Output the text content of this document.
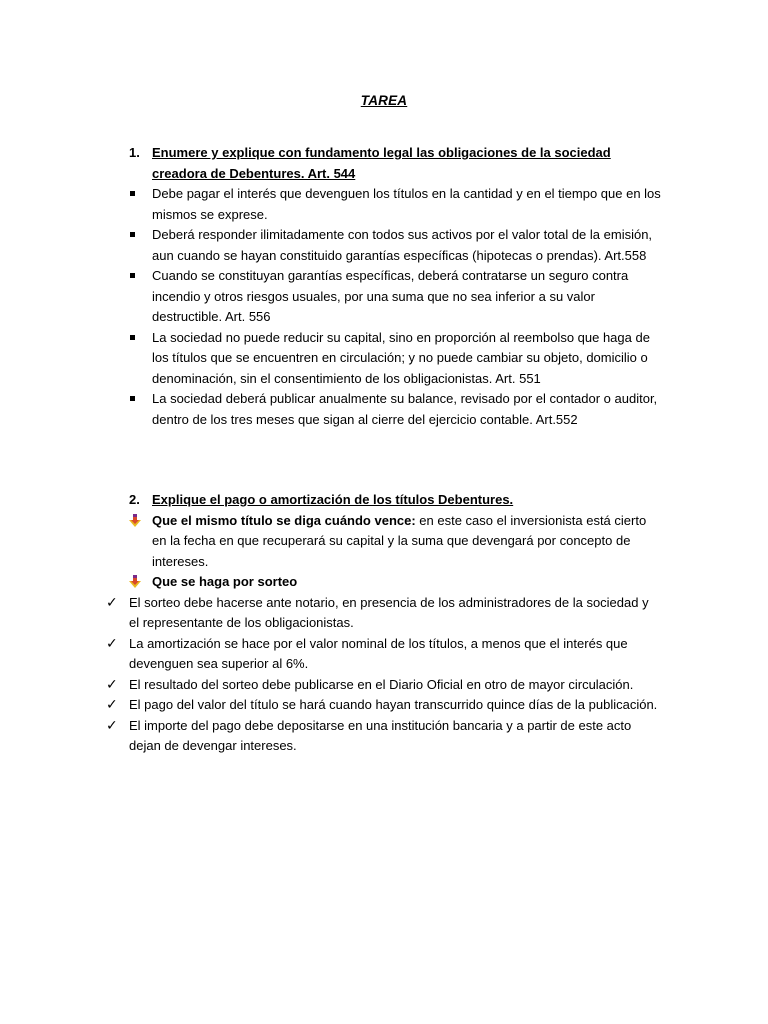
TAREA
1. Enumere y explique con fundamento legal las obligaciones de la sociedad creadora de Debentures. Art. 544
Debe pagar el interés que devenguen los títulos en la cantidad y en el tiempo que en los mismos se exprese.
Deberá responder ilimitadamente con todos sus activos por el valor total de la emisión, aun cuando se hayan constituido garantías específicas (hipotecas o prendas). Art.558
Cuando se constituyan garantías específicas, deberá contratarse un seguro contra incendio y otros riesgos usuales, por una suma que no sea inferior a su valor destructible. Art. 556
La sociedad no puede reducir su capital, sino en proporción al reembolso que haga de los títulos que se encuentren en circulación; y no puede cambiar su objeto, domicilio o denominación, sin el consentimiento de los obligacionistas. Art. 551
La sociedad deberá publicar anualmente su balance, revisado por el contador o auditor, dentro de los tres meses que sigan al cierre del ejercicio contable. Art.552
2. Explique el pago o amortización de los títulos Debentures.
Que el mismo título se diga cuándo vence: en este caso el inversionista está cierto en la fecha en que recuperará su capital y la suma que devengará por concepto de intereses.
Que se haga por sorteo
✓ El sorteo debe hacerse ante notario, en presencia de los administradores de la sociedad y el representante de los obligacionistas.
✓ La amortización se hace por el valor nominal de los títulos, a menos que el interés que devenguen sea superior al 6%.
✓ El resultado del sorteo debe publicarse en el Diario Oficial en otro de mayor circulación.
✓ El pago del valor del título se hará cuando hayan transcurrido quince días de la publicación.
✓ El importe del pago debe depositarse en una institución bancaria y a partir de este acto dejan de devengar intereses.
